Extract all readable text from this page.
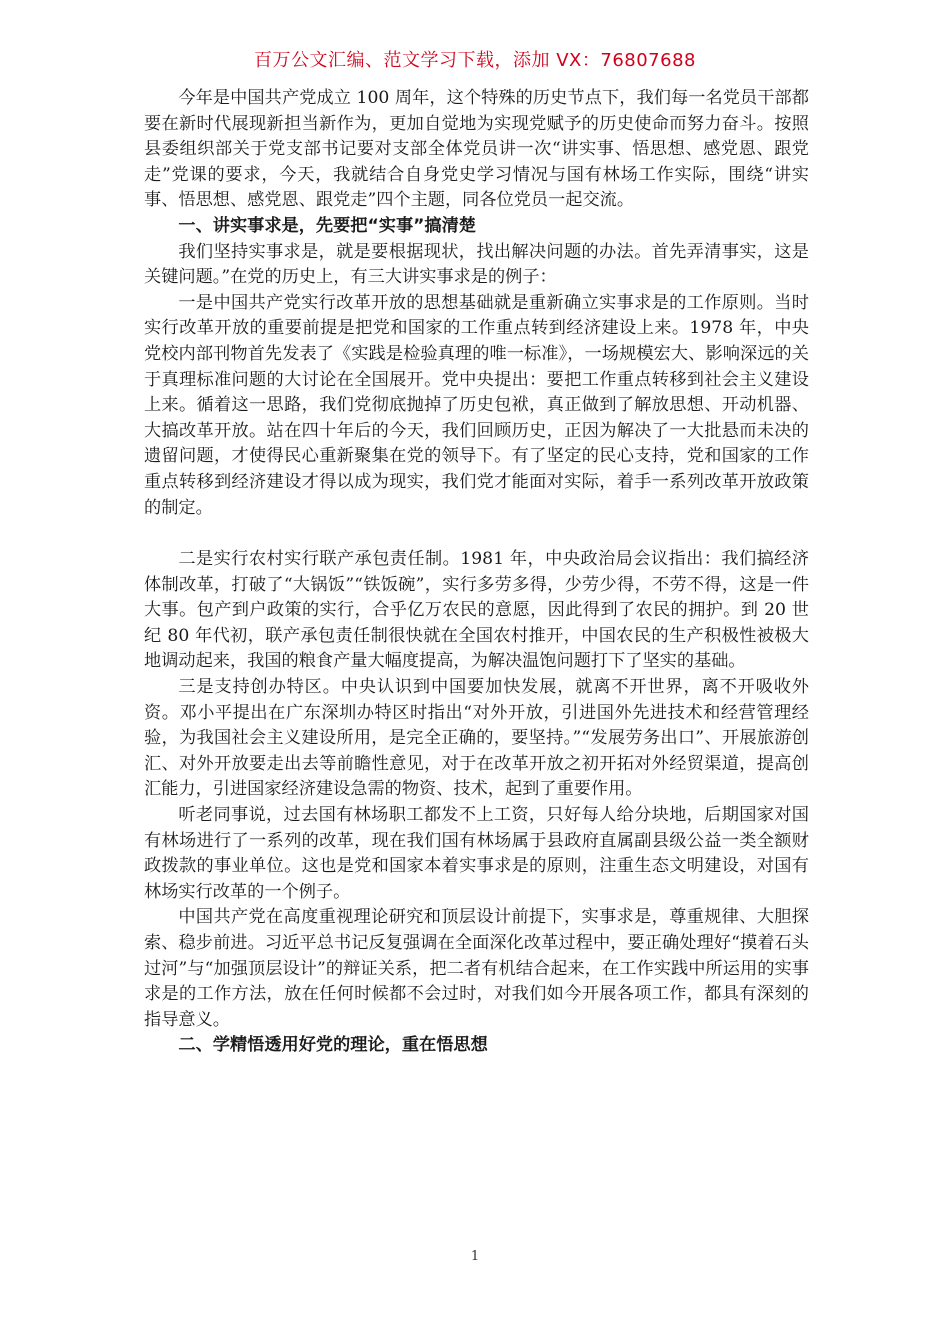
百万公文汇编、范文学习下载，添加 VX：76807688

今年是中国共产党成立 100 周年，这个特殊的历史节点下，我们每一名党员干部都要在新时代展现新担当新作为，更加自觉地为实现党赋予的历史使命而努力奋斗。按照县委组织部关于党支部书记要对支部全体党员讲一次“讲实事、悟思想、感党恩、跟党走”党课的要求，今天，我就结合自身党史学习情况与国有林场工作实际，围绕“讲实事、悟思想、感党恩、跟党走”四个主题，同各位党员一起交流。

一、讲实事求是，先要把“实事”搞清楚

我们坚持实事求是，就是要根据现状，找出解决问题的办法。首先弄清事实，这是关键问题。”在党的历史上，有三大讲实事求是的例子：

一是中国共产党实行改革开放的思想基础就是重新确立实事求是的工作原则。当时实行改革开放的重要前提是把党和国家的工作重点转到经济建设上来。1978 年，中央党校内部刊物首先发表了《实践是检验真理的唯一标准》，一场规模宏大、影响深远的关于真理标准问题的大讨论在全国展开。党中央提出：要把工作重点转移到社会主义建设上来。循着这一思路，我们党彻底抛掉了历史包袱，真正做到了解放思想、开动机器、大搞改革开放。站在四十年后的今天，我们回顾历史，正因为解决了一大批悬而未决的遗留问题，才使得民心重新聚集在党的领导下。有了坚定的民心支持，党和国家的工作重点转移到经济建设才得以成为现实，我们党才能面对实际，着手一系列改革开放政策的制定。

二是实行农村实行联产承包责任制。1981 年，中央政治局会议指出：我们搞经济体制改革，打破了“大锅饭”“铁饭碗”，实行多劳多得，少劳少得，不劳不得，这是一件大事。包产到户政策的实行，合乎亿万农民的意愿，因此得到了农民的拥护。到 20 世纪 80 年代初，联产承包责任制很快就在全国农村推开，中国农民的生产积极性被极大地调动起来，我国的粮食产量大幅度提高，为解决温饱问题打下了坚实的基础。

三是支持创办特区。中央认识到中国要加快发展，就离不开世界，离不开吸收外资。邓小平提出在广东深圳办特区时指出“对外开放，引进国外先进技术和经营管理经验，为我国社会主义建设所用，是完全正确的，要坚持。”“发展劳务出口”、开展旅游创汇、对外开放要走出去等前瞻性意见，对于在改革开放之初开拓对外经贸渠道，提高创汇能力，引进国家经济建设急需的物资、技术，起到了重要作用。

听老同事说，过去国有林场职工都发不上工资，只好每人给分块地，后期国家对国有林场进行了一系列的改革，现在我们国有林场属于县政府直属副县级公益一类全额财政拨款的事业单位。这也是党和国家本着实事求是的原则，注重生态文明建设，对国有林场实行改革的一个例子。

中国共产党在高度重视理论研究和顶层设计前提下，实事求是，尊重规律、大胆探索、稳步前进。习近平总书记反复强调在全面深化改革过程中，要正确处理好“摸着石头过河”与“加强顶层设计”的辩证关系，把二者有机结合起来，在工作实践中所运用的实事求是的工作方法，放在任何时候都不会过时，对我们如今开展各项工作，都具有深刻的指导意义。

二、学精悟透用好党的理论，重在悟思想

1
